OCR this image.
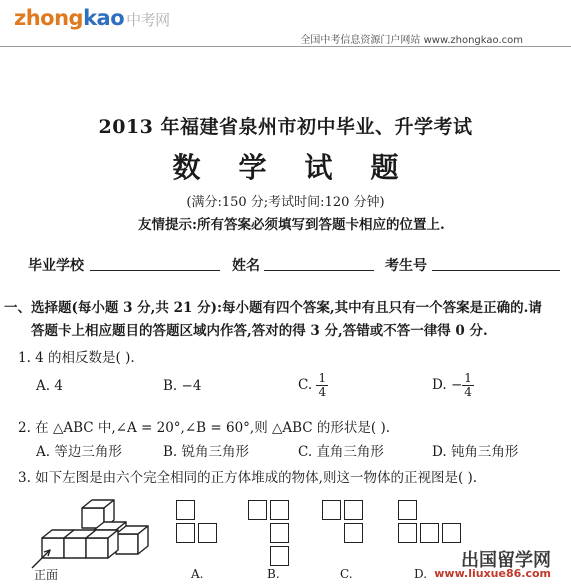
zhongkao 中考网
全国中考信息资源门户网站 www.zhongkao.com
2013 年福建省泉州市初中毕业、升学考试
数学试题
(满分:150 分;考试时间:120 分钟)
友情提示:所有答案必须填写到答题卡相应的位置上.
毕业学校	姓名	考生号
一、选择题(每小题 3 分,共 21 分):每小题有四个答案,其中有且只有一个答案是正确的.请
答题卡上相应题目的答题区域内作答,答对的得 3 分,答错或不答一律得 0 分.
1. 4 的相反数是( ).
A. 4	B. −4	C. $\frac{1}{4}$	D. − $\frac{1}{4}$
2. 在 △ABC 中,∠A = 20°,∠B = 60°,则 △ABC 的形状是( ).
A. 等边三角形	B. 锐角三角形	C. 直角三角形	D. 钝角三角形
3. 如下左图是由六个完全相同的正方体堆成的物体,则这一物体的正视图是( ).
正面	A.	B.	C.	D.
出国留学网
www.liuxue86.com
